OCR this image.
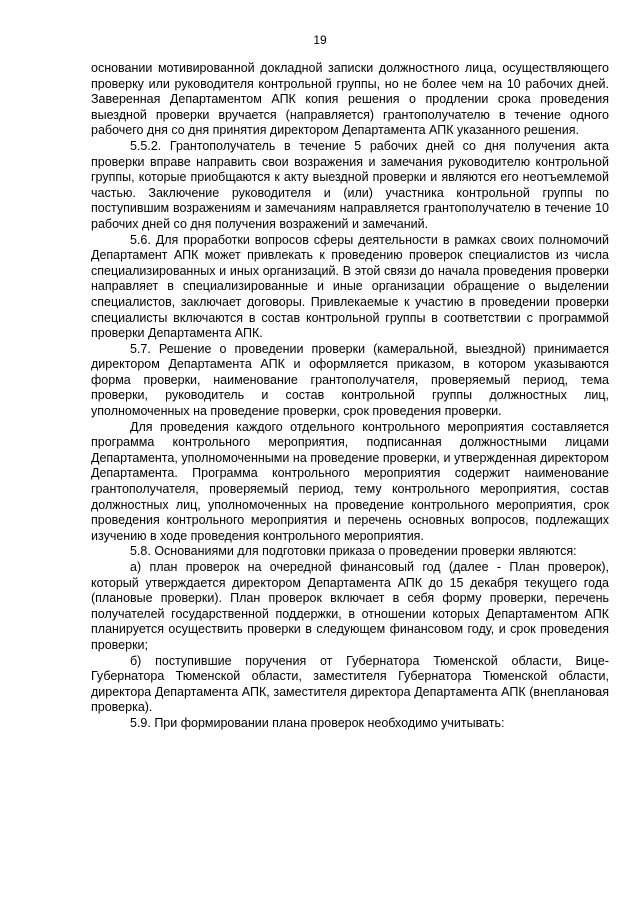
19

основании мотивированной докладной записки должностного лица, осуществляющего проверку или руководителя контрольной группы, но не более чем на 10 рабочих дней. Заверенная Департаментом АПК копия решения о продлении срока проведения выездной проверки вручается (направляется) грантополучателю в течение одного рабочего дня со дня принятия директором Департамента АПК указанного решения.

5.5.2. Грантополучатель в течение 5 рабочих дней со дня получения акта проверки вправе направить свои возражения и замечания руководителю контрольной группы, которые приобщаются к акту выездной проверки и являются его неотъемлемой частью. Заключение руководителя и (или) участника контрольной группы по поступившим возражениям и замечаниям направляется грантополучателю в течение 10 рабочих дней со дня получения возражений и замечаний.

5.6. Для проработки вопросов сферы деятельности в рамках своих полномочий Департамент АПК может привлекать к проведению проверок специалистов из числа специализированных и иных организаций. В этой связи до начала проведения проверки направляет в специализированные и иные организации обращение о выделении специалистов, заключает договоры. Привлекаемые к участию в проведении проверки специалисты включаются в состав контрольной группы в соответствии с программой проверки Департамента АПК.

5.7. Решение о проведении проверки (камеральной, выездной) принимается директором Департамента АПК и оформляется приказом, в котором указываются форма проверки, наименование грантополучателя, проверяемый период, тема проверки, руководитель и состав контрольной группы должностных лиц, уполномоченных на проведение проверки, срок проведения проверки.

Для проведения каждого отдельного контрольного мероприятия составляется программа контрольного мероприятия, подписанная должностными лицами Департамента, уполномоченными на проведение проверки, и утвержденная директором Департамента. Программа контрольного мероприятия содержит наименование грантополучателя, проверяемый период, тему контрольного мероприятия, состав должностных лиц, уполномоченных на проведение контрольного мероприятия, срок проведения контрольного мероприятия и перечень основных вопросов, подлежащих изучению в ходе проведения контрольного мероприятия.

5.8. Основаниями для подготовки приказа о проведении проверки являются:

а) план проверок на очередной финансовый год (далее - План проверок), который утверждается директором Департамента АПК до 15 декабря текущего года (плановые проверки). План проверок включает в себя форму проверки, перечень получателей государственной поддержки, в отношении которых Департаментом АПК планируется осуществить проверки в следующем финансовом году, и срок проведения проверки;

б) поступившие поручения от Губернатора Тюменской области, Вице-Губернатора Тюменской области, заместителя Губернатора Тюменской области, директора Департамента АПК, заместителя директора Департамента АПК (внеплановая проверка).

5.9. При формировании плана проверок необходимо учитывать:
